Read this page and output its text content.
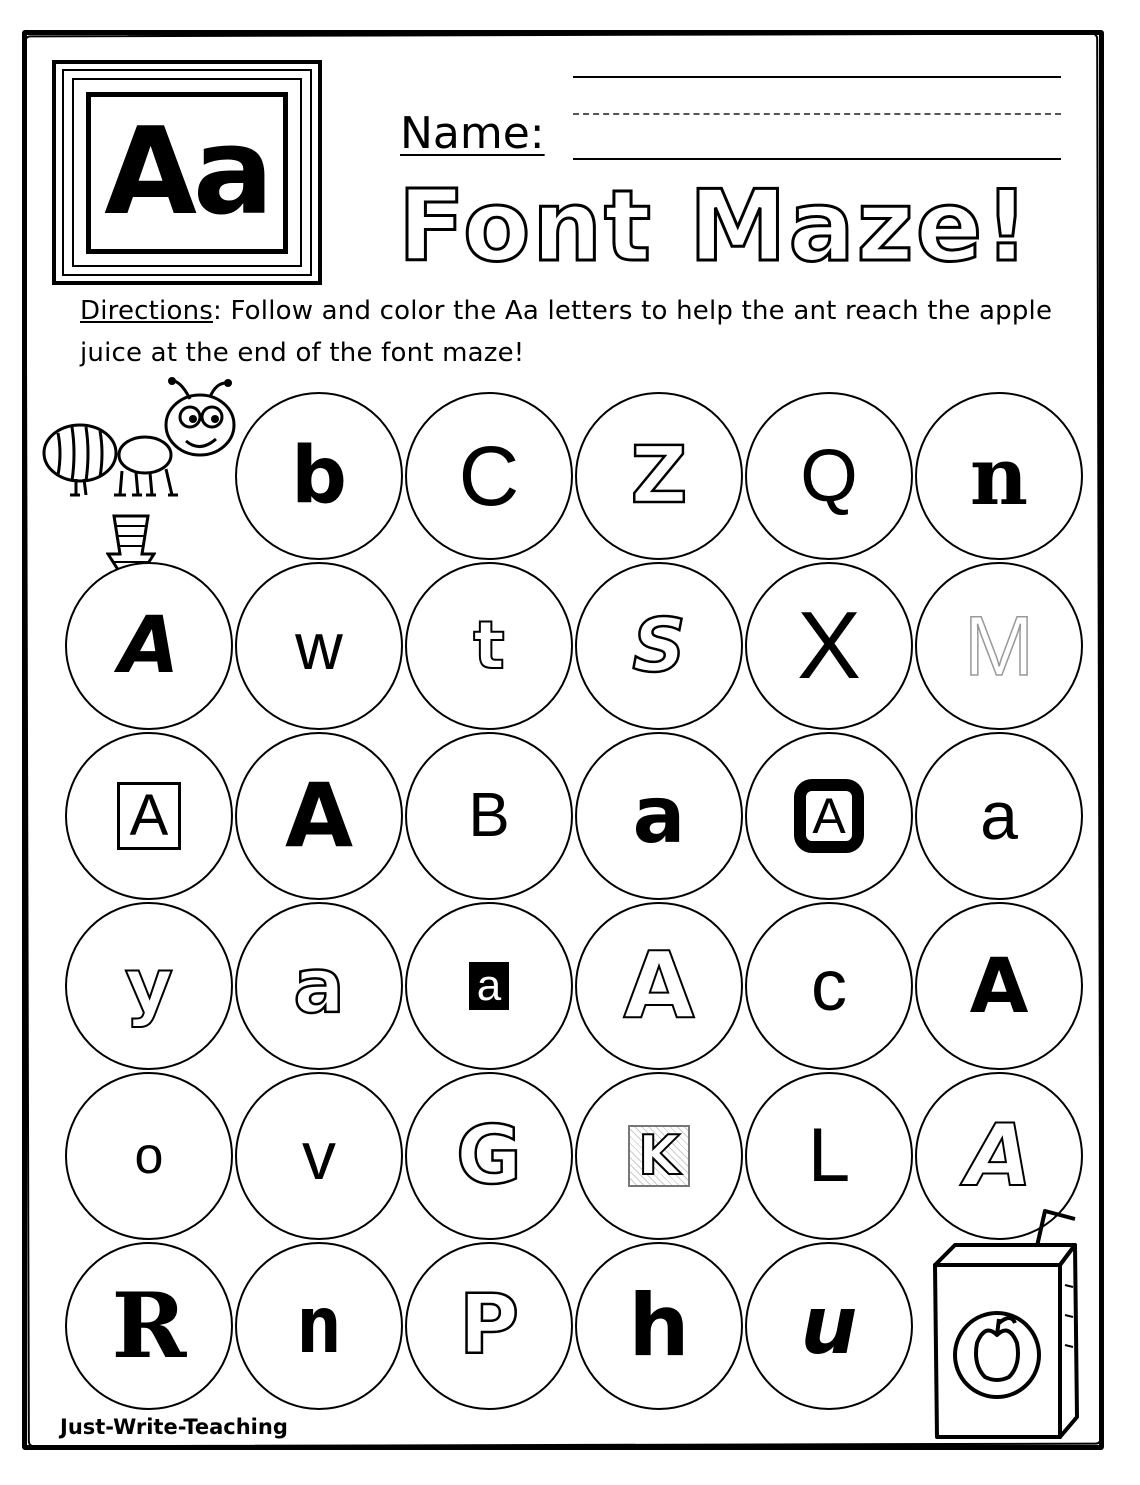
Aa	Name:
Font Maze!
Directions: Follow and color the Aa letters to help the ant reach the apple juice at the end of the font maze!
b C Z Q n
A w t S X M
A A B a	A a
y a	a A c A
o v G K L A
R n P h u
Just-Write-Teaching
